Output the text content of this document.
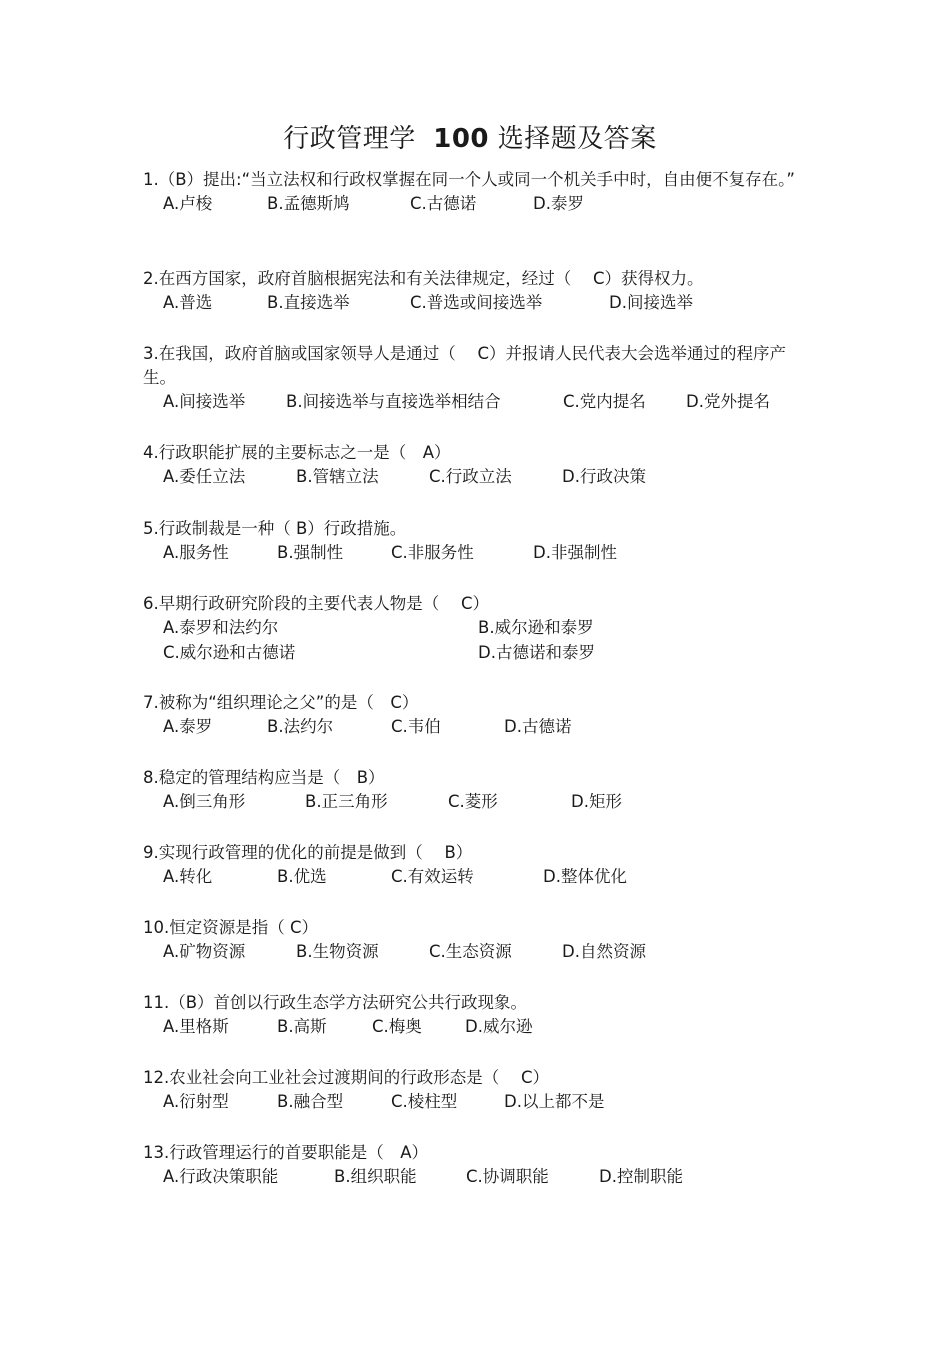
行政管理学 100 选择题及答案
1.（B）提出:“当立法权和行政权掌握在同一个人或同一个机关手中时，自由便不复存在。”
A.卢梭	B.孟德斯鸠	C.古德诺	D.泰罗
2.在西方国家，政府首脑根据宪法和有关法律规定，经过（　 C）获得权力。
A.普选	B.直接选举	C.普选或间接选举	D.间接选举
3.在我国，政府首脑或国家领导人是通过（　 C）并报请人民代表大会选举通过的程序产生。
A.间接选举 B.间接选举与直接选举相结合	C.党内提名 D.党外提名
4.行政职能扩展的主要标志之一是（　A）
A.委任立法	B.管辖立法	C.行政立法	D.行政决策
5.行政制裁是一种（ B）行政措施。
A.服务性	B.强制性	C.非服务性	D.非强制性
6.早期行政研究阶段的主要代表人物是（　 C）
A.泰罗和法约尔	B.威尔逊和泰罗
C.威尔逊和古德诺	D.古德诺和泰罗
7.被称为“组织理论之父”的是（　C）
A.泰罗	B.法约尔	C.韦伯	D.古德诺
8.稳定的管理结构应当是（　B）
A.倒三角形	B.正三角形	C.菱形	D.矩形
9.实现行政管理的优化的前提是做到（　 B）
A.转化	B.优选	C.有效运转	D.整体优化
10.恒定资源是指（ C）
A.矿物资源	B.生物资源	C.生态资源	D.自然资源
11.（B）首创以行政生态学方法研究公共行政现象。
A.里格斯	B.高斯	C.梅奥	D.威尔逊
12.农业社会向工业社会过渡期间的行政形态是（　 C）
A.衍射型	B.融合型	C.棱柱型	D.以上都不是
13.行政管理运行的首要职能是（　A）
A.行政决策职能	B.组织职能	C.协调职能	D.控制职能
